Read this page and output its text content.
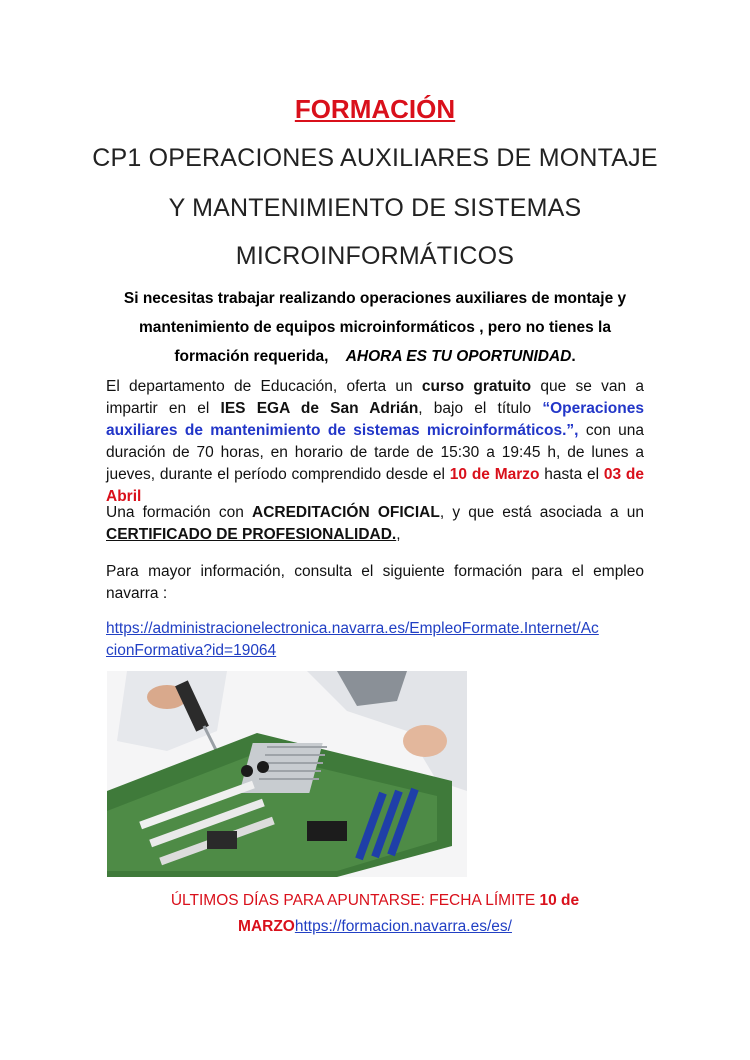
FORMACIÓN
CP1 OPERACIONES AUXILIARES DE MONTAJE
Y MANTENIMIENTO DE SISTEMAS
MICROINFORMÁTICOS
Si necesitas trabajar realizando operaciones auxiliares de montaje y
mantenimiento de equipos microinformáticos , pero no tienes la
formación requerida, AHORA ES TU OPORTUNIDAD.
El departamento de Educación, oferta un curso gratuito que se van a impartir en el IES EGA de San Adrián, bajo el título “Operaciones auxiliares de mantenimiento de sistemas microinformáticos.”, con una duración de 70 horas, en horario de tarde de 15:30 a 19:45 h, de lunes a jueves, durante el período comprendido desde el 10 de Marzo hasta el 03 de Abril
Una formación con ACREDITACIÓN OFICIAL, y que está asociada a un CERTIFICADO DE PROFESIONALIDAD.,
Para mayor información, consulta el siguiente formación para el empleo navarra :
https://administracionelectronica.navarra.es/EmpleoFormate.Internet/Ac
cionFormativa?id=19064
ÚLTIMOS DÍAS PARA APUNTARSE: FECHA LÍMITE 10 de
MARZOhttps://formacion.navarra.es/es/
